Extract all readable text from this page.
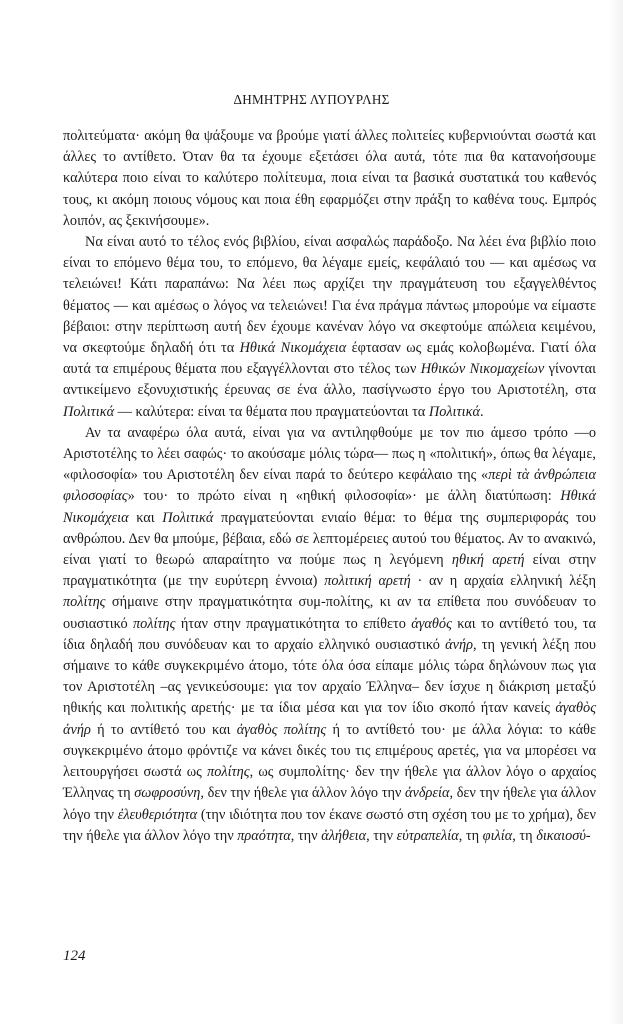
ΔΗΜΗΤΡΗΣ ΛΥΠΟΥΡΛΗΣ

πολιτεύματα· ακόμη θα ψάξουμε να βρούμε γιατί άλλες πολιτείες κυβερνιούνται σωστά και άλλες το αντίθετο. Όταν θα τα έχουμε εξετάσει όλα αυτά, τότε πια θα κατανοήσουμε καλύτερα ποιο είναι το καλύτερο πολίτευμα, ποια είναι τα βασικά συστατικά του καθενός τους, κι ακόμη ποιους νόμους και ποια έθη εφαρμόζει στην πράξη το καθένα τους. Εμπρός λοιπόν, ας ξεκινήσουμε».

Να είναι αυτό το τέλος ενός βιβλίου, είναι ασφαλώς παράδοξο. Να λέει ένα βιβλίο ποιο είναι το επόμενο θέμα του, το επόμενο, θα λέγαμε εμείς, κεφάλαιό του — και αμέσως να τελειώνει! Κάτι παραπάνω: Να λέει πως αρχίζει την πραγμάτευση του εξαγγελθέντος θέματος — και αμέσως ο λόγος να τελειώνει! Για ένα πράγμα πάντως μπορούμε να είμαστε βέβαιοι: στην περίπτωση αυτή δεν έχουμε κανέναν λόγο να σκεφτούμε απώλεια κειμένου, να σκεφτούμε δηλαδή ότι τα Ηθικά Νικομάχεια έφτασαν ως εμάς κολοβωμένα. Γιατί όλα αυτά τα επιμέρους θέματα που εξαγγέλλονται στο τέλος των Ηθικών Νικομαχείων γίνονται αντικείμενο εξονυχιστικής έρευνας σε ένα άλλο, πασίγνωστο έργο του Αριστοτέλη, στα Πολιτικά — καλύτερα: είναι τα θέματα που πραγματεύονται τα Πολιτικά.

Αν τα αναφέρω όλα αυτά, είναι για να αντιληφθούμε με τον πιο άμεσο τρόπο —ο Αριστοτέλης το λέει σαφώς· το ακούσαμε μόλις τώρα— πως η «πολιτική», όπως θα λέγαμε, «φιλοσοφία» του Αριστοτέλη δεν είναι παρά το δεύτερο κεφάλαιο της «περὶ τὰ ἀνθρώπεια φιλοσοφίας» του· το πρώτο είναι η «ηθική φιλοσοφία»· με άλλη διατύπωση: Ηθικά Νικομάχεια και Πολιτικά πραγματεύονται ενιαίο θέμα: το θέμα της συμπεριφοράς του ανθρώπου. Δεν θα μπούμε, βέβαια, εδώ σε λεπτομέρειες αυτού του θέματος. Αν το ανακινώ, είναι γιατί το θεωρώ απαραίτητο να πούμε πως η λεγόμενη ηθική αρετή είναι στην πραγματικότητα (με την ευρύτερη έννοια) πολιτική αρετή · αν η αρχαία ελληνική λέξη πολίτης σήμαινε στην πραγματικότητα συμ-πολίτης, κι αν τα επίθετα που συνόδευαν το ουσιαστικό πολίτης ήταν στην πραγματικότητα το επίθετο ἀγαθός και το αντίθετό του, τα ίδια δηλαδή που συνόδευαν και το αρχαίο ελληνικό ουσιαστικό ἀνήρ, τη γενική λέξη που σήμαινε το κάθε συγκεκριμένο άτομο, τότε όλα όσα είπαμε μόλις τώρα δηλώνουν πως για τον Αριστοτέλη –ας γενικεύσουμε: για τον αρχαίο Έλληνα– δεν ίσχυε η διάκριση μεταξύ ηθικής και πολιτικής αρετής· με τα ίδια μέσα και για τον ίδιο σκοπό ήταν κανείς ἀγαθὸς ἀνήρ ή το αντίθετό του και ἀγαθὸς πολίτης ή το αντίθετό του· με άλλα λόγια: το κάθε συγκεκριμένο άτομο φρόντιζε να κάνει δικές του τις επιμέρους αρετές, για να μπορέσει να λειτουργήσει σωστά ως πολίτης, ως συμπολίτης· δεν την ήθελε για άλλον λόγο ο αρχαίος Έλληνας τη σωφροσύνη, δεν την ήθελε για άλλον λόγο την ἀνδρεία, δεν την ήθελε για άλλον λόγο την ἐλευθεριότητα (την ιδιότητα που τον έκανε σωστό στη σχέση του με το χρήμα), δεν την ήθελε για άλλον λόγο την πραότητα, την ἀλήθεια, την εὐτραπελία, τη φιλία, τη δικαιοσύ-

124
